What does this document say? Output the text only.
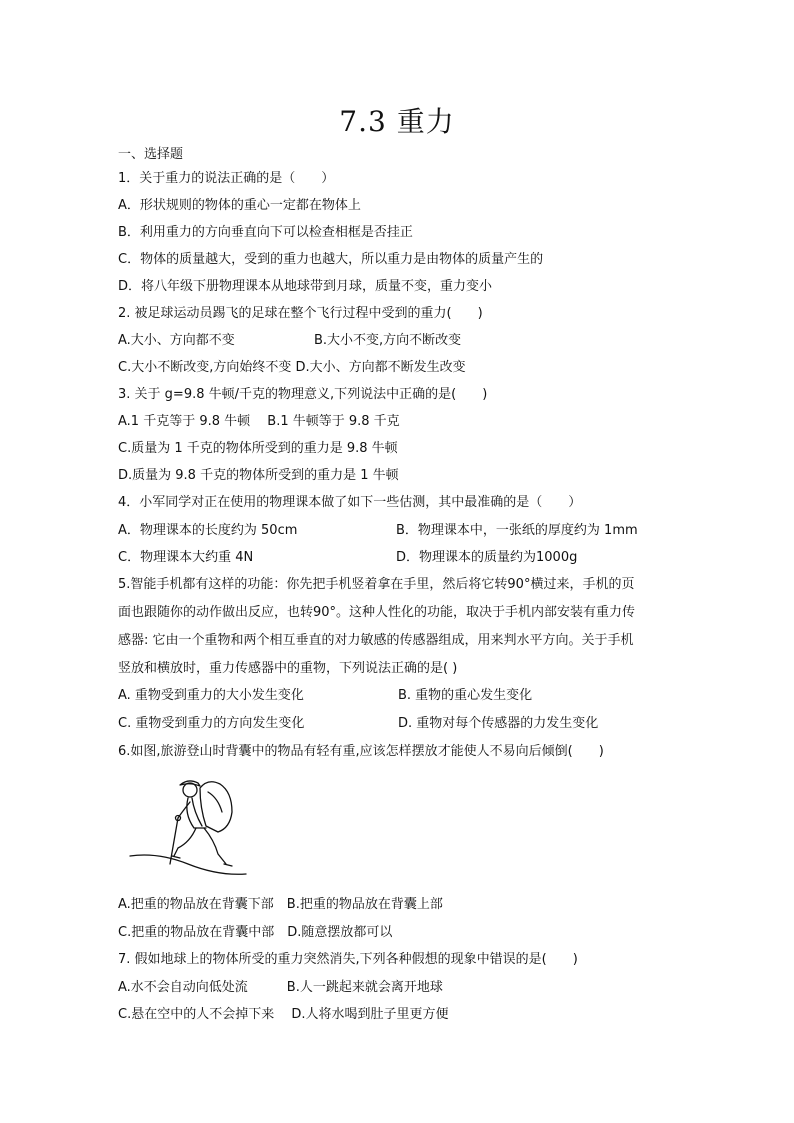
7.3 重力
一、选择题
1．关于重力的说法正确的是（　　）
A．形状规则的物体的重心一定都在物体上
B．利用重力的方向垂直向下可以检查相框是否挂正
C．物体的质量越大，受到的重力也越大，所以重力是由物体的质量产生的
D．将八年级下册物理课本从地球带到月球，质量不变，重力变小
2. 被足球运动员踢飞的足球在整个飞行过程中受到的重力(　　)
A.大小、方向都不变	B.大小不变,方向不断改变
C.大小不断改变,方向始终不变 D.大小、方向都不断发生改变
3. 关于 g=9.8 牛顿/千克的物理意义,下列说法中正确的是(　　)
A.1 千克等于 9.8 牛顿　 B.1 牛顿等于 9.8 千克
C.质量为 1 千克的物体所受到的重力是 9.8 牛顿
D.质量为 9.8 千克的物体所受到的重力是 1 牛顿
4．小军同学对正在使用的物理课本做了如下一些估测，其中最准确的是（　　）
A．物理课本的长度约为 50cm	B．物理课本中，一张纸的厚度约为 1mm
C．物理课本大约重 4N	D．物理课本的质量约为1000g
5.智能手机都有这样的功能：你先把手机竖着拿在手里，然后将它转90°横过来，手机的页
面也跟随你的动作做出反应，也转90°。这种人性化的功能，取决于手机内部安装有重力传
感器: 它由一个重物和两个相互垂直的对力敏感的传感器组成，用来判水平方向。关于手机
竖放和横放时，重力传感器中的重物，下列说法正确的是( )
A. 重物受到重力的大小发生变化	B. 重物的重心发生变化
C. 重物受到重力的方向发生变化	D. 重物对每个传感器的力发生变化
6.如图,旅游登山时背囊中的物品有轻有重,应该怎样摆放才能使人不易向后倾倒(　　)
A.把重的物品放在背囊下部　B.把重的物品放在背囊上部
C.把重的物品放在背囊中部　D.随意摆放都可以
7. 假如地球上的物体所受的重力突然消失,下列各种假想的现象中错误的是(　　)
A.水不会自动向低处流　　　B.人一跳起来就会离开地球
C.悬在空中的人不会掉下来　 D.人将水喝到肚子里更方便
